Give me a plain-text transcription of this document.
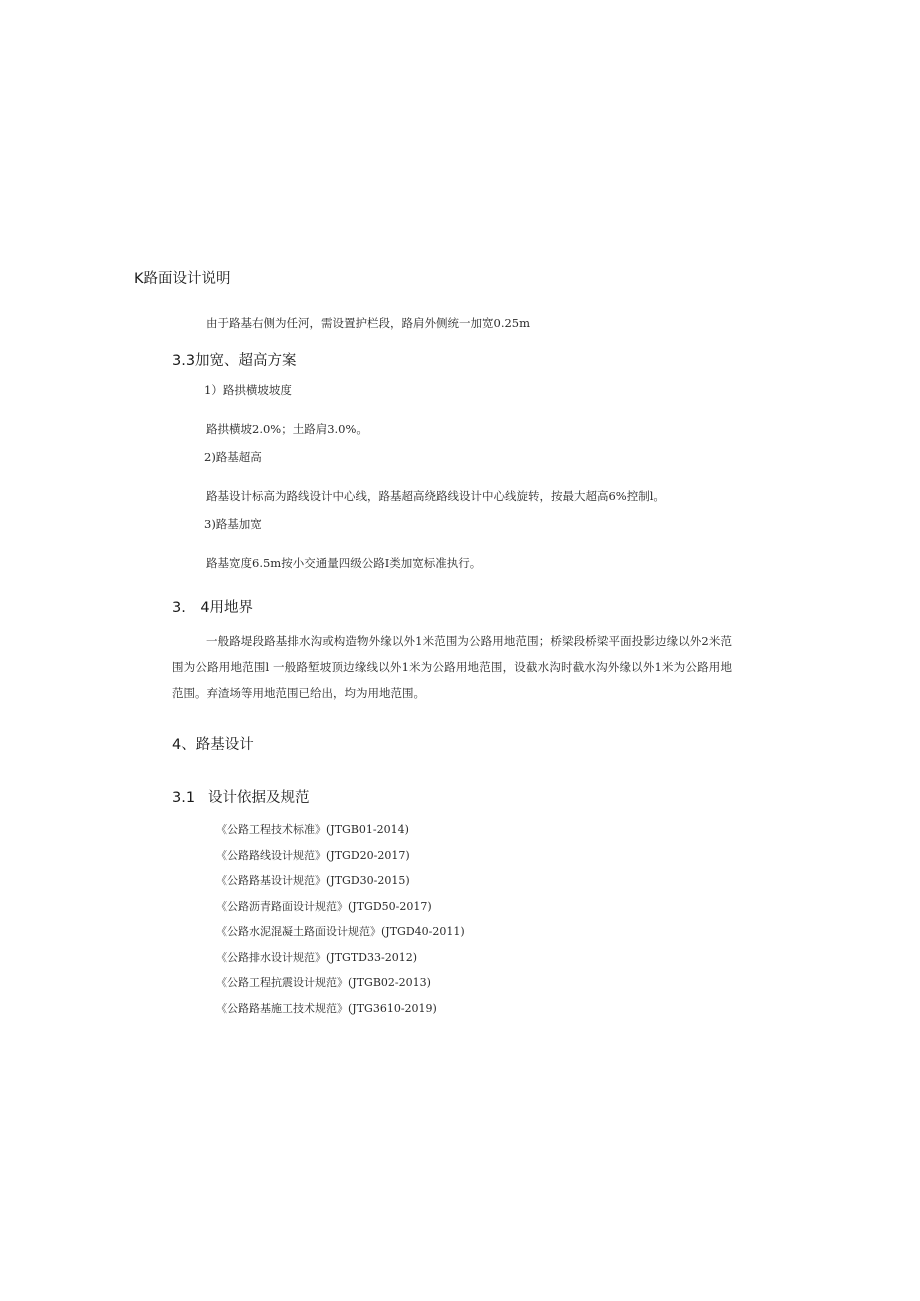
K路面设计说明
由于路基右侧为任河，需设置护栏段，路肩外侧统一加宽0.25m
3.3加宽、超高方案
1）路拱横坡坡度
路拱横坡2.0%；土路肩3.0%。
2)路基超高
路基设计标高为路线设计中心线，路基超高绕路线设计中心线旋转，按最大超高6%控制l。
3)路基加宽
路基宽度6.5m按小交通量四级公路I类加宽标准执行。
3.　4用地界
一般路堤段路基排水沟或构造物外缘以外1米范围为公路用地范围；桥梁段桥梁平面投影边缘以外2米范围为公路用地范围l 一般路堑坡顶边缘线以外1米为公路用地范围，设截水沟时截水沟外缘以外1米为公路用地范围。弃渣场等用地范围已给出，均为用地范围。
4、路基设计
3.1 设计依据及规范
《公路工程技术标准》(JTGB01-2014)
《公路路线设计规范》(JTGD20-2017)
《公路路基设计规范》(JTGD30-2015)
《公路沥青路面设计规范》(JTGD50-2017)
《公路水泥混凝土路面设计规范》(JTGD40-2011)
《公路排水设计规范》(JTGTD33-2012)
《公路工程抗震设计规范》(JTGB02-2013)
《公路路基施工技术规范》(JTG3610-2019)
